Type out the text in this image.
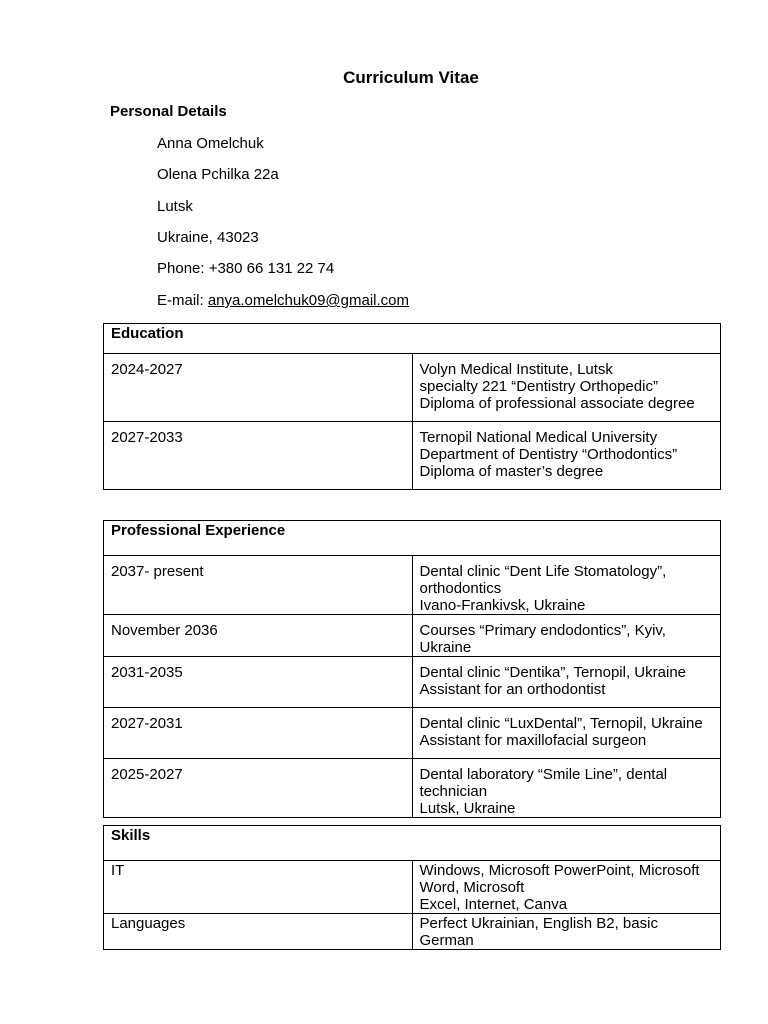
Curriculum Vitae
Personal Details
Anna Omelchuk
Olena Pchilka 22a
Lutsk
Ukraine, 43023
Phone: +380 66 131 22 74
E-mail: anya.omelchuk09@gmail.com
Education	
2024-2027	Volyn Medical Institute, Lutsk
specialty 221 “Dentistry Orthopedic”
Diploma of professional associate degree

2027-2033	Ternopil National Medical University
Department of Dentistry “Orthodontics”
Diploma of master’s degree
Professional Experience	
2037- present	Dental clinic “Dent Life Stomatology”, orthodontics
Ivano-Frankivsk, Ukraine

November 2036	Courses “Primary endodontics”, Kyiv, Ukraine

2031-2035	Dental clinic “Dentika”, Ternopil, Ukraine
Assistant for an orthodontist

2027-2031	Dental clinic “LuxDental”, Ternopil, Ukraine
Assistant for maxillofacial surgeon

2025-2027	Dental laboratory “Smile Line”, dental technician
Lutsk, Ukraine
Skills	
IT	Windows, Microsoft PowerPoint, Microsoft Word, Microsoft
Excel, Internet, Canva

Languages	Perfect Ukrainian, English B2, basic German
